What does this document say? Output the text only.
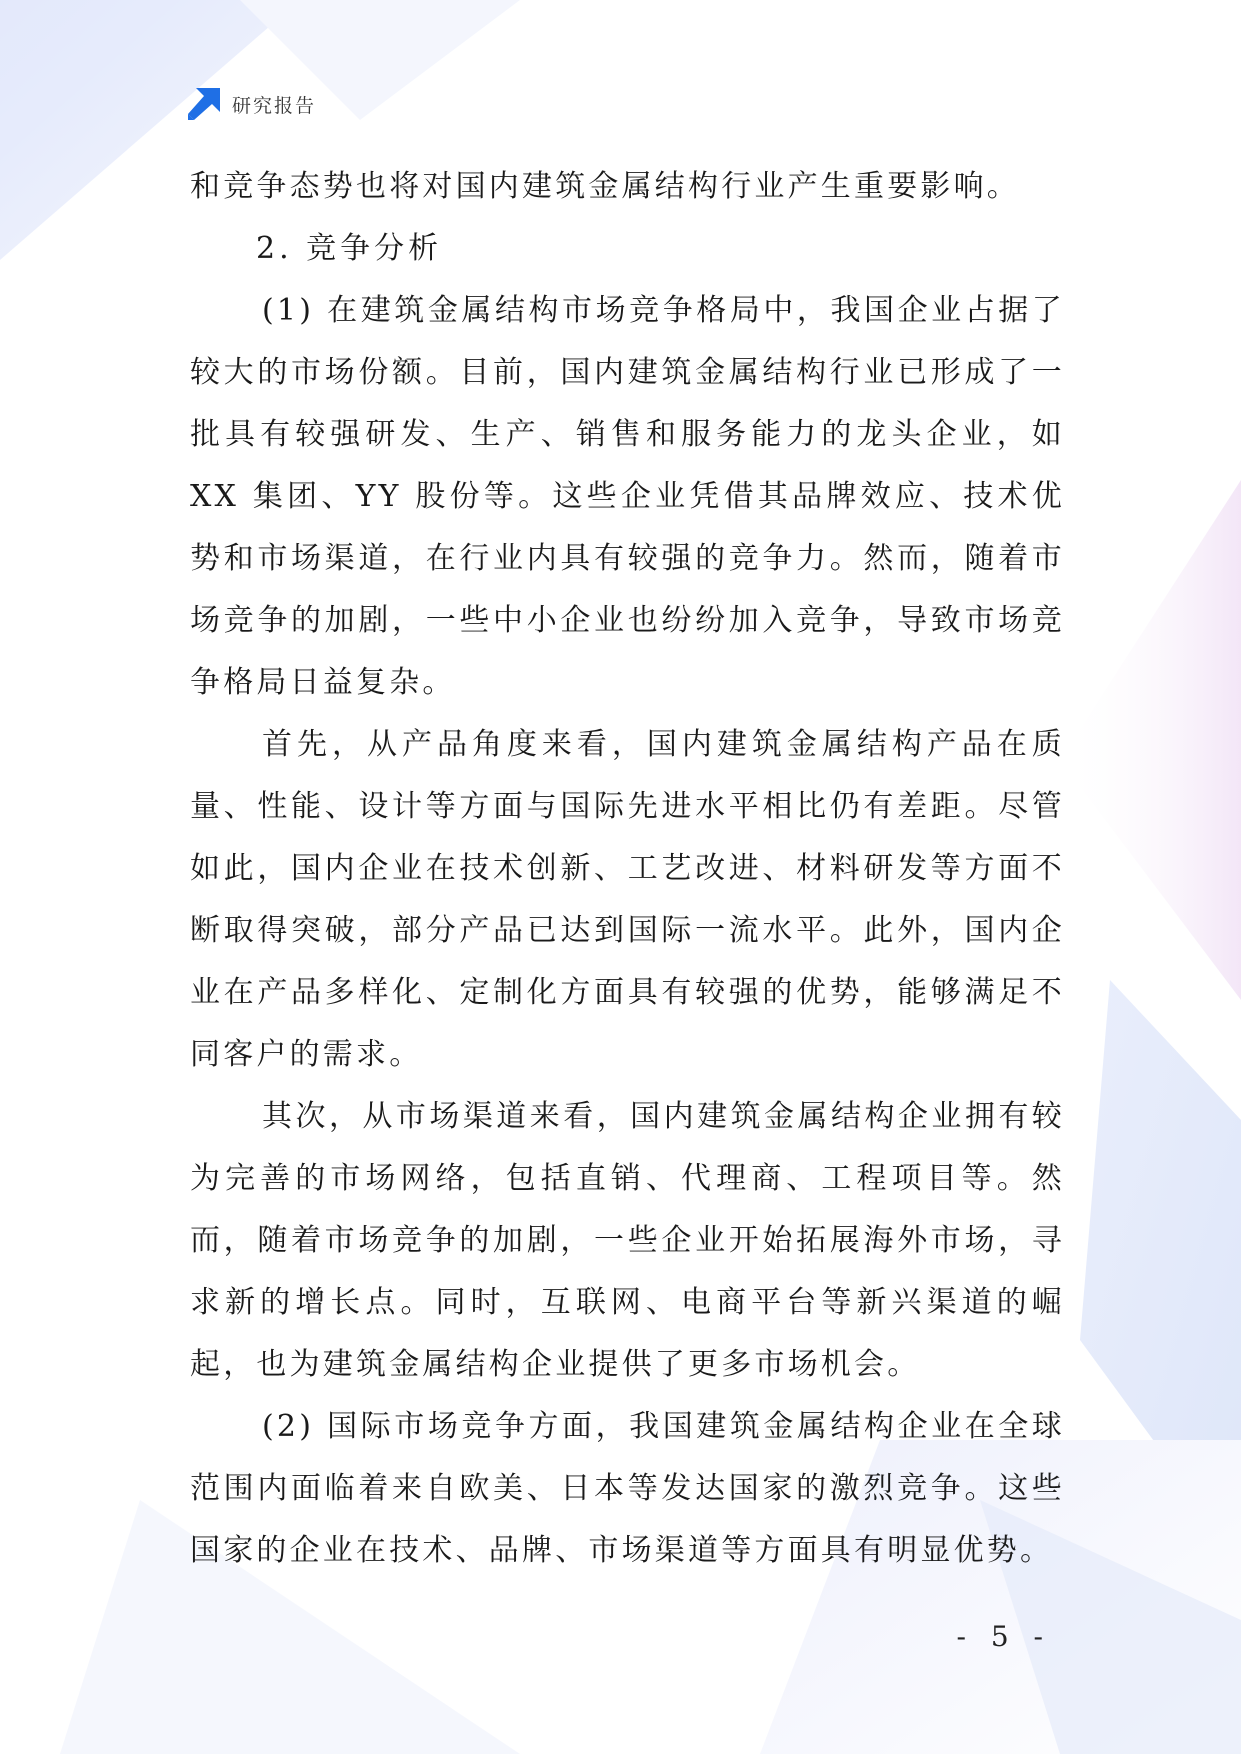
研究报告

和竞争态势也将对国内建筑金属结构行业产生重要影响。

2. 竞争分析

(1) 在建筑金属结构市场竞争格局中，我国企业占据了较大的市场份额。目前，国内建筑金属结构行业已形成了一批具有较强研发、生产、销售和服务能力的龙头企业，如 XX 集团、YY 股份等。这些企业凭借其品牌效应、技术优势和市场渠道，在行业内具有较强的竞争力。然而，随着市场竞争的加剧，一些中小企业也纷纷加入竞争，导致市场竞争格局日益复杂。

首先，从产品角度来看，国内建筑金属结构产品在质量、性能、设计等方面与国际先进水平相比仍有差距。尽管如此，国内企业在技术创新、工艺改进、材料研发等方面不断取得突破，部分产品已达到国际一流水平。此外，国内企业在产品多样化、定制化方面具有较强的优势，能够满足不同客户的需求。

其次，从市场渠道来看，国内建筑金属结构企业拥有较为完善的市场网络，包括直销、代理商、工程项目等。然而，随着市场竞争的加剧，一些企业开始拓展海外市场，寻求新的增长点。同时，互联网、电商平台等新兴渠道的崛起，也为建筑金属结构企业提供了更多市场机会。

(2) 国际市场竞争方面，我国建筑金属结构企业在全球范围内面临着来自欧美、日本等发达国家的激烈竞争。这些国家的企业在技术、品牌、市场渠道等方面具有明显优势。

- 5 -
